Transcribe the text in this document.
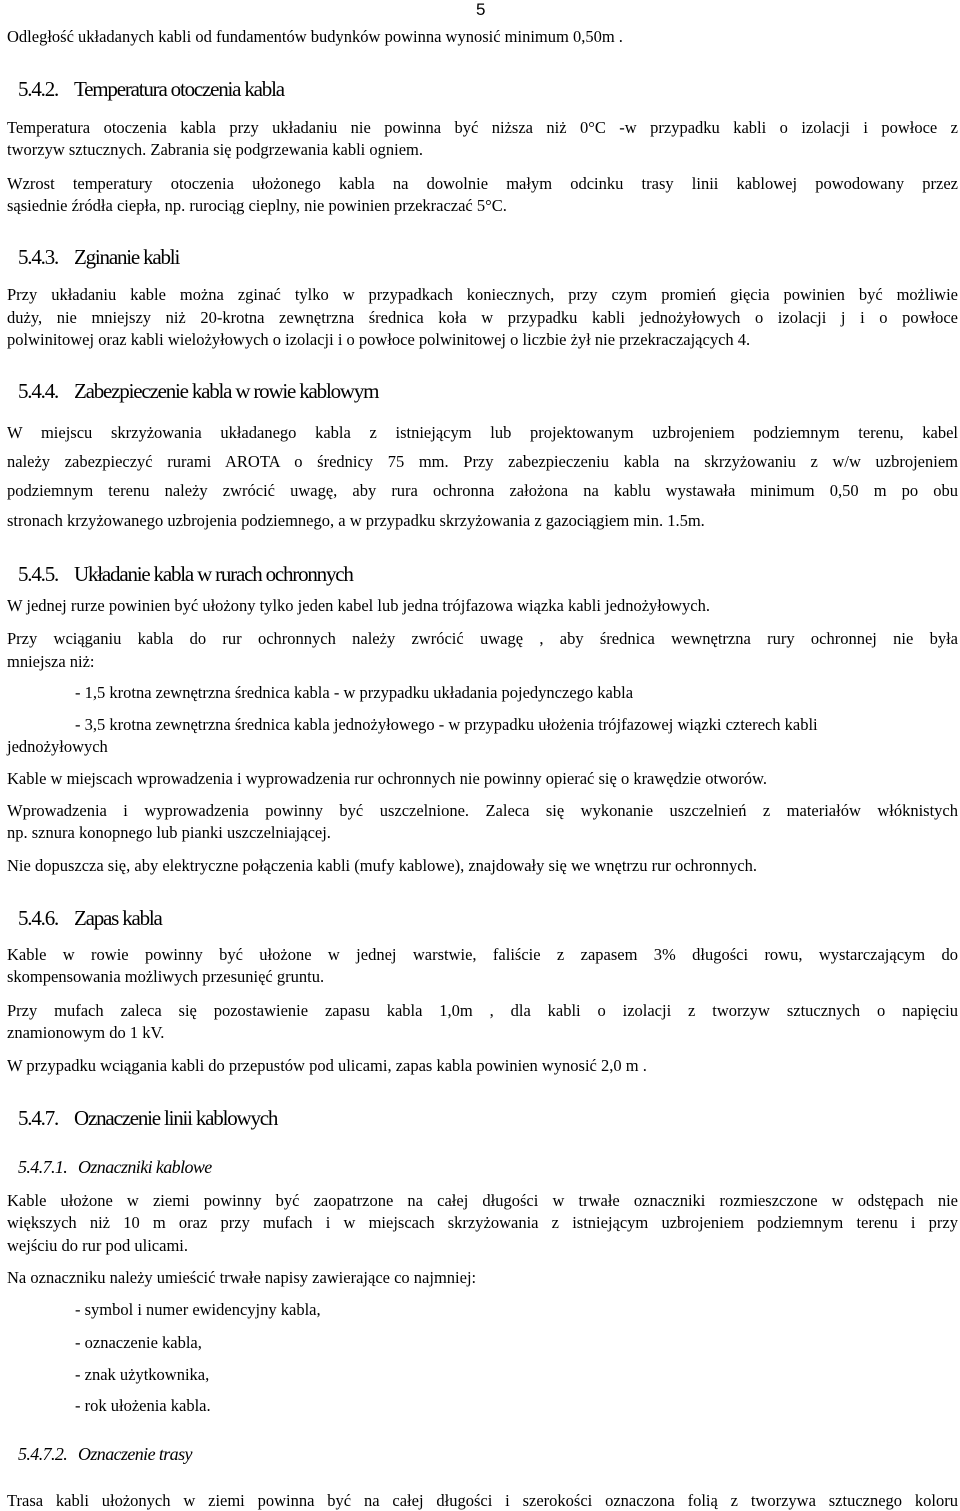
5
Odległość układanych kabli od fundamentów budynków powinna wynosić minimum 0,50m .
5.4.2. Temperatura otoczenia kabla
Temperatura otoczenia kabla przy układaniu nie powinna być niższa niż 0°C -w przypadku kabli o izolacji i powłoce z
tworzyw sztucznych. Zabrania się podgrzewania kabli ogniem.
Wzrost temperatury otoczenia ułożonego kabla na dowolnie małym odcinku trasy linii kablowej powodowany przez
sąsiednie źródła ciepła, np. rurociąg cieplny, nie powinien przekraczać 5°C.
5.4.3. Zginanie kabli
Przy układaniu kable można zginać tylko w przypadkach koniecznych, przy czym promień gięcia powinien być możliwie
duży, nie mniejszy niż 20-krotna zewnętrzna średnica koła w przypadku kabli jednożyłowych o izolacji j i o powłoce
polwinitowej oraz kabli wielożyłowych o izolacji i o powłoce polwinitowej o liczbie żył nie przekraczających 4.
5.4.4. Zabezpieczenie kabla w rowie kablowym
W miejscu skrzyżowania układanego kabla z istniejącym lub projektowanym uzbrojeniem podziemnym terenu, kabel
należy zabezpieczyć rurami AROTA o średnicy 75 mm. Przy zabezpieczeniu kabla na skrzyżowaniu z w/w uzbrojeniem
podziemnym terenu należy zwrócić uwagę, aby rura ochronna założona na kablu wystawała minimum 0,50 m po obu
stronach krzyżowanego uzbrojenia podziemnego, a w przypadku skrzyżowania z gazociągiem min. 1.5m.
5.4.5. Układanie kabla w rurach ochronnych
W jednej rurze powinien być ułożony tylko jeden kabel lub jedna trójfazowa wiązka kabli jednożyłowych.
Przy wciąganiu kabla do rur ochronnych należy zwrócić uwagę , aby średnica wewnętrzna rury ochronnej nie była
mniejsza niż:
- 1,5 krotna zewnętrzna średnica kabla - w przypadku układania pojedynczego kabla
- 3,5 krotna zewnętrzna średnica kabla jednożyłowego - w przypadku ułożenia trójfazowej wiązki czterech kabli
jednożyłowych
Kable w miejscach wprowadzenia i wyprowadzenia rur ochronnych nie powinny opierać się o krawędzie otworów.
Wprowadzenia i wyprowadzenia powinny być uszczelnione. Zaleca się wykonanie uszczelnień z materiałów włóknistych
np. sznura konopnego lub pianki uszczelniającej.
Nie dopuszcza się, aby elektryczne połączenia kabli (mufy kablowe), znajdowały się we wnętrzu rur ochronnych.
5.4.6. Zapas kabla
Kable w rowie powinny być ułożone w jednej warstwie, faliście z zapasem 3% długości rowu, wystarczającym do
skompensowania możliwych przesunięć gruntu.
Przy mufach zaleca się pozostawienie zapasu kabla 1,0m , dla kabli o izolacji z tworzyw sztucznych o napięciu
znamionowym do 1 kV.
W przypadku wciągania kabli do przepustów pod ulicami, zapas kabla powinien wynosić 2,0 m .
5.4.7. Oznaczenie linii kablowych
5.4.7.1. Oznaczniki kablowe
Kable ułożone w ziemi powinny być zaopatrzone na całej długości w trwałe oznaczniki rozmieszczone w odstępach nie
większych niż 10 m oraz przy mufach i w miejscach skrzyżowania z istniejącym uzbrojeniem podziemnym terenu i przy
wejściu do rur pod ulicami.
Na oznaczniku należy umieścić trwałe napisy zawierające co najmniej:
- symbol i numer ewidencyjny kabla,
- oznaczenie kabla,
- znak użytkownika,
- rok ułożenia kabla.
5.4.7.2. Oznaczenie trasy
Trasa kabli ułożonych w ziemi powinna być na całej długości i szerokości oznaczona folią z tworzywa sztucznego koloru
